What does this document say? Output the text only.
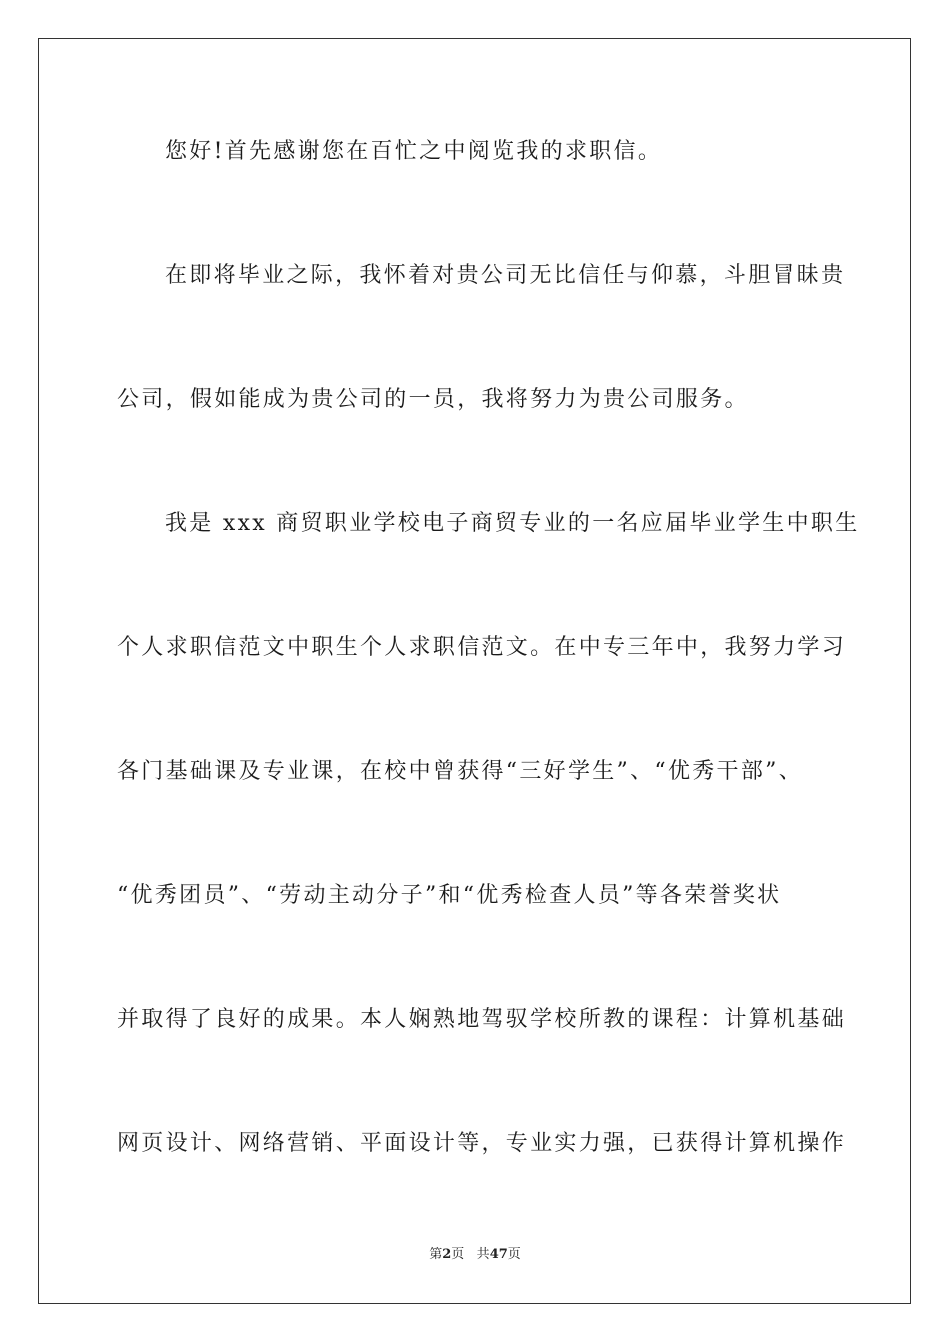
您好!首先感谢您在百忙之中阅览我的求职信。
在即将毕业之际，我怀着对贵公司无比信任与仰慕，斗胆冒昧贵
公司，假如能成为贵公司的一员，我将努力为贵公司服务。
我是 xxx 商贸职业学校电子商贸专业的一名应届毕业学生中职生
个人求职信范文中职生个人求职信范文。在中专三年中，我努力学习
各门基础课及专业课，在校中曾获得“三好学生”、“优秀干部”、
“优秀团员”、“劳动主动分子”和“优秀检查人员”等各荣誉奖状
并取得了良好的成果。本人娴熟地驾驭学校所教的课程：计算机基础
网页设计、网络营销、平面设计等，专业实力强，已获得计算机操作
第2页 共47页
